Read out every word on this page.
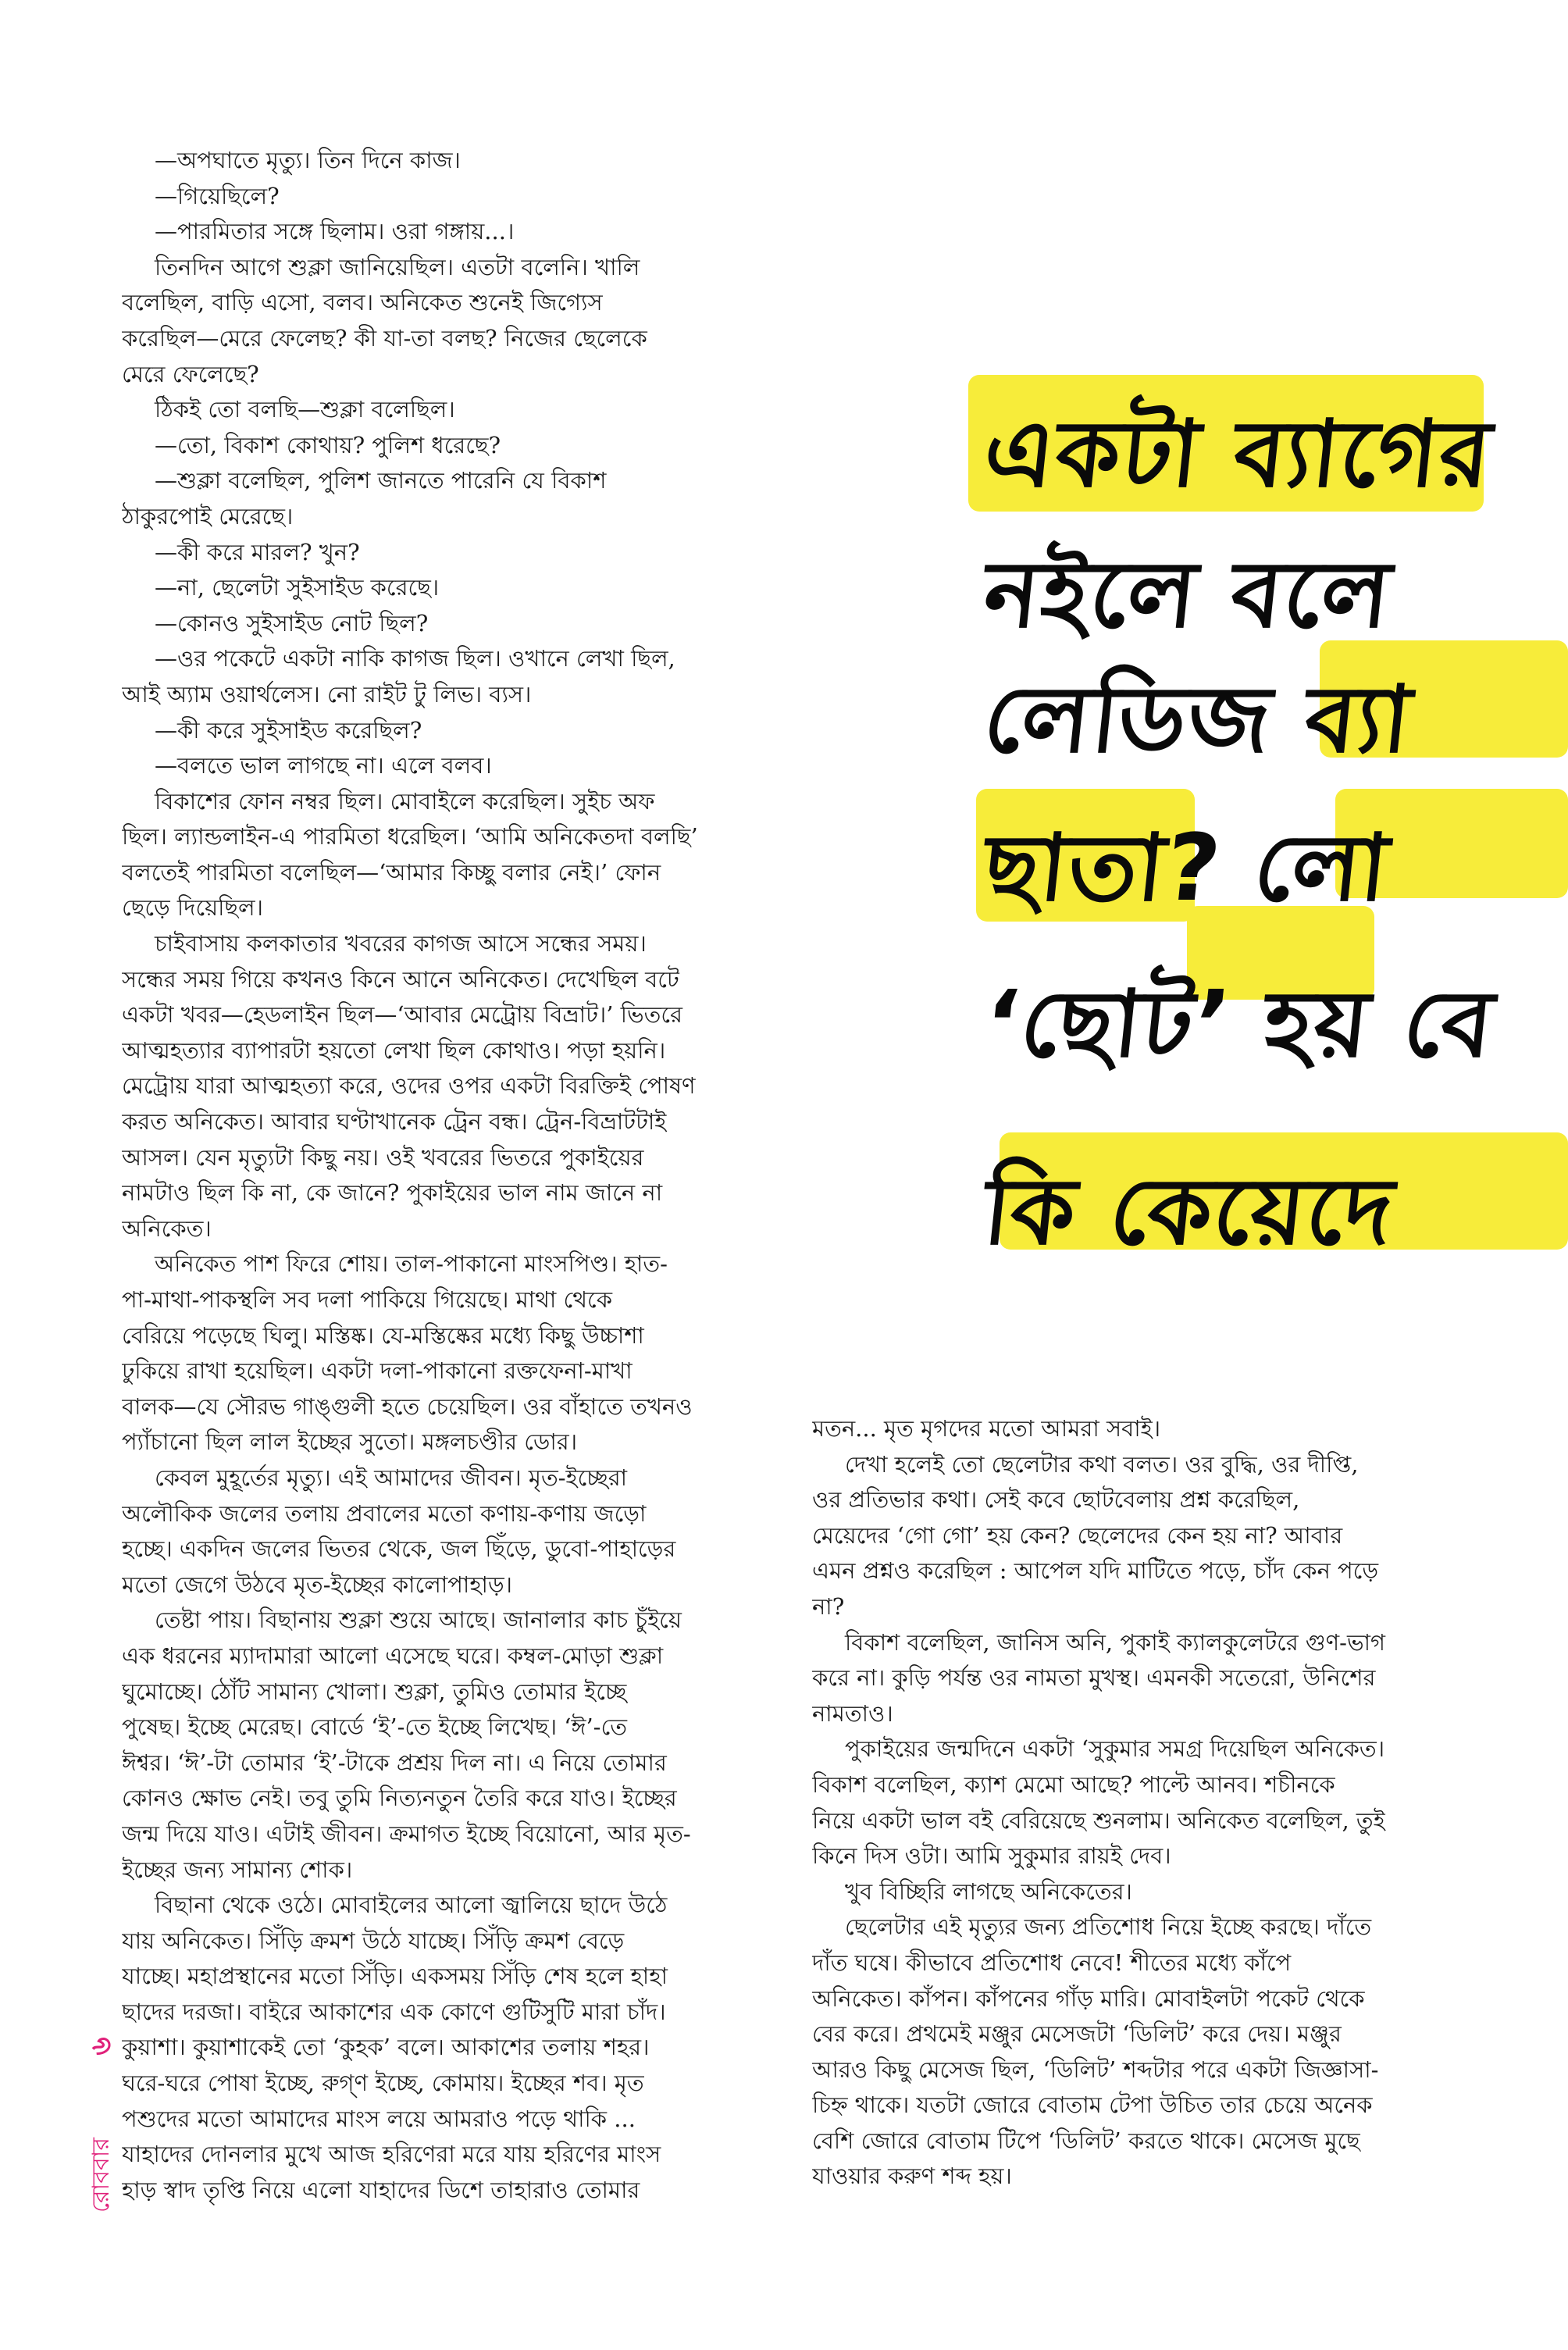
—অপঘাতে মৃত্যু। তিন দিনে কাজ।
—গিয়েছিলে?
—পারমিতার সঙ্গে ছিলাম। ওরা গঙ্গায়...।
তিনদিন আগে শুক্লা জানিয়েছিল। এতটা বলেনি। খালি
বলেছিল, বাড়ি এসো, বলব। অনিকেত শুনেই জিগ্যেস
করেছিল—মেরে ফেলেছ? কী যা-তা বলছ? নিজের ছেলেকে
মেরে ফেলেছে?
ঠিকই তো বলছি—শুক্লা বলেছিল।
—তো, বিকাশ কোথায়? পুলিশ ধরেছে?
—শুক্লা বলেছিল, পুলিশ জানতে পারেনি যে বিকাশ
ঠাকুরপোই মেরেছে।
—কী করে মারল? খুন?
—না, ছেলেটা সুইসাইড করেছে।
—কোনও সুইসাইড নোট ছিল?
—ওর পকেটে একটা নাকি কাগজ ছিল। ওখানে লেখা ছিল,
আই অ্যাম ওয়ার্থলেস। নো রাইট টু লিভ। ব্যস।
—কী করে সুইসাইড করেছিল?
—বলতে ভাল লাগছে না। এলে বলব।
বিকাশের ফোন নম্বর ছিল। মোবাইলে করেছিল। সুইচ অফ
ছিল। ল্যান্ডলাইন-এ পারমিতা ধরেছিল। ‘আমি অনিকেতদা বলছি’
বলতেই পারমিতা বলেছিল—‘আমার কিচ্ছু বলার নেই।’ ফোন
ছেড়ে দিয়েছিল।
চাইবাসায় কলকাতার খবরের কাগজ আসে সন্ধের সময়।
সন্ধের সময় গিয়ে কখনও কিনে আনে অনিকেত। দেখেছিল বটে
একটা খবর—হেডলাইন ছিল—‘আবার মেট্রোয় বিভ্রাট।’ ভিতরে
আত্মহত্যার ব্যাপারটা হয়তো লেখা ছিল কোথাও। পড়া হয়নি।
মেট্রোয় যারা আত্মহত্যা করে, ওদের ওপর একটা বিরক্তিই পোষণ
করত অনিকেত। আবার ঘণ্টাখানেক ট্রেন বন্ধ। ট্রেন-বিভ্রাটটাই
আসল। যেন মৃত্যুটা কিছু নয়। ওই খবরের ভিতরে পুকাইয়ের
নামটাও ছিল কি না, কে জানে? পুকাইয়ের ভাল নাম জানে না
অনিকেত।
অনিকেত পাশ ফিরে শোয়। তাল-পাকানো মাংসপিণ্ড। হাত-
পা-মাথা-পাকস্থলি সব দলা পাকিয়ে গিয়েছে। মাথা থেকে
বেরিয়ে পড়েছে ঘিলু। মস্তিষ্ক। যে-মস্তিষ্কের মধ্যে কিছু উচ্চাশা
ঢুকিয়ে রাখা হয়েছিল। একটা দলা-পাকানো রক্তফেনা-মাখা
বালক—যে সৌরভ গাঙ্গুলী হতে চেয়েছিল। ওর বাঁহাতে তখনও
প্যাঁচানো ছিল লাল ইচ্ছের সুতো। মঙ্গলচণ্ডীর ডোর।
কেবল মুহূর্তের মৃত্যু। এই আমাদের জীবন। মৃত-ইচ্ছেরা
অলৌকিক জলের তলায় প্রবালের মতো কণায়-কণায় জড়ো
হচ্ছে। একদিন জলের ভিতর থেকে, জল ছিঁড়ে, ডুবো-পাহাড়ের
মতো জেগে উঠবে মৃত-ইচ্ছের কালোপাহাড়।
তেষ্টা পায়। বিছানায় শুক্লা শুয়ে আছে। জানালার কাচ চুঁইয়ে
এক ধরনের ম্যাদামারা আলো এসেছে ঘরে। কম্বল-মোড়া শুক্লা
ঘুমোচ্ছে। ঠোঁট সামান্য খোলা। শুক্লা, তুমিও তোমার ইচ্ছে
পুষেছ। ইচ্ছে মেরেছ। বোর্ডে ‘ই’-তে ইচ্ছে লিখেছ। ‘ঈ’-তে
ঈশ্বর। ‘ঈ’-টা তোমার ‘ই’-টাকে প্রশ্রয় দিল না। এ নিয়ে তোমার
কোনও ক্ষোভ নেই। তবু তুমি নিত্যনতুন তৈরি করে যাও। ইচ্ছের
জন্ম দিয়ে যাও। এটাই জীবন। ক্রমাগত ইচ্ছে বিয়োনো, আর মৃত-
ইচ্ছের জন্য সামান্য শোক।
বিছানা থেকে ওঠে। মোবাইলের আলো জ্বালিয়ে ছাদে উঠে
যায় অনিকেত। সিঁড়ি ক্রমশ উঠে যাচ্ছে। সিঁড়ি ক্রমশ বেড়ে
যাচ্ছে। মহাপ্রস্থানের মতো সিঁড়ি। একসময় সিঁড়ি শেষ হলে হাহা
ছাদের দরজা। বাইরে আকাশের এক কোণে গুটিসুটি মারা চাঁদ।
কুয়াশা। কুয়াশাকেই তো ‘কুহক’ বলে। আকাশের তলায় শহর।
ঘরে-ঘরে পোষা ইচ্ছে, রুগ্‌ণ ইচ্ছে, কোমায়। ইচ্ছের শব। মৃত
পশুদের মতো আমাদের মাংস লয়ে আমরাও পড়ে থাকি ...
যাহাদের দোনলার মুখে আজ হরিণেরা মরে যায় হরিণের মাংস
হাড় স্বাদ তৃপ্তি নিয়ে এলো যাহাদের ডিশে তাহারাও তোমার
মতন... মৃত মৃগদের মতো আমরা সবাই।
দেখা হলেই তো ছেলেটার কথা বলত। ওর বুদ্ধি, ওর দীপ্তি,
ওর প্রতিভার কথা। সেই কবে ছোটবেলায় প্রশ্ন করেছিল,
মেয়েদের ‘গো গো’ হয় কেন? ছেলেদের কেন হয় না? আবার
এমন প্রশ্নও করেছিল : আপেল যদি মাটিতে পড়ে, চাঁদ কেন পড়ে
না?
বিকাশ বলেছিল, জানিস অনি, পুকাই ক্যালকুলেটরে গুণ-ভাগ
করে না। কুড়ি পর্যন্ত ওর নামতা মুখস্থ। এমনকী সতেরো, উনিশের
নামতাও।
পুকাইয়ের জন্মদিনে একটা ‘সুকুমার সমগ্র দিয়েছিল অনিকেত।
বিকাশ বলেছিল, ক্যাশ মেমো আছে? পাল্টে আনব। শচীনকে
নিয়ে একটা ভাল বই বেরিয়েছে শুনলাম। অনিকেত বলেছিল, তুই
কিনে দিস ওটা। আমি সুকুমার রায়ই দেব।
খুব বিচ্ছিরি লাগছে অনিকেতের।
ছেলেটার এই মৃত্যুর জন্য প্রতিশোধ নিয়ে ইচ্ছে করছে। দাঁতে
দাঁত ঘষে। কীভাবে প্রতিশোধ নেবে! শীতের মধ্যে কাঁপে
অনিকেত। কাঁপন। কাঁপনের গাঁড় মারি। মোবাইলটা পকেট থেকে
বের করে। প্রথমেই মঞ্জুর মেসেজটা ‘ডিলিট’ করে দেয়। মঞ্জুর
আরও কিছু মেসেজ ছিল, ‘ডিলিট’ শব্দটার পরে একটা জিজ্ঞাসা-
চিহ্ন থাকে। যতটা জোরে বোতাম টেপা উচিত তার চেয়ে অনেক
বেশি জোরে বোতাম টিপে ‘ডিলিট’ করতে থাকে। মেসেজ মুছে
যাওয়ার করুণ শব্দ হয়।

একটা ব্যাগের

নইলে বলে

লেডিজ ব্যা

ছাতা? লো

‘ছোট’ হয় বে

কি কেয়েদে

৬
রোববার
